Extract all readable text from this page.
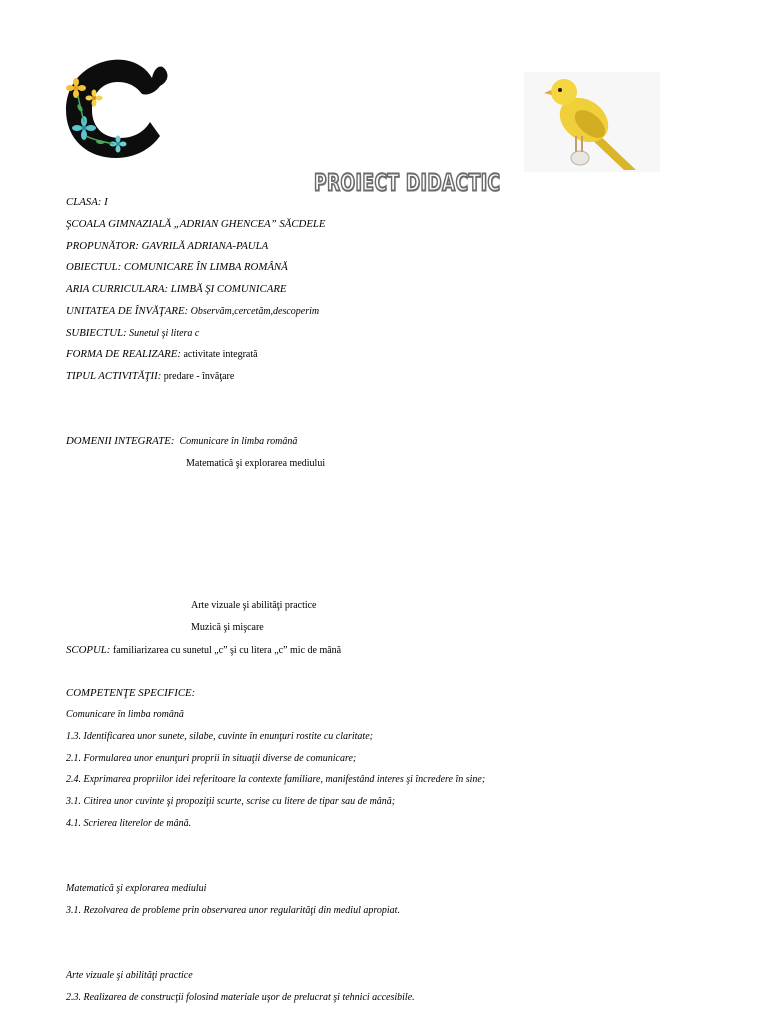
PROIECT DIDACTIC
CLASA: I
ŞCOALA GIMNAZIALĂ „ADRIAN GHENCEA” SĂCDELE
PROPUNĂTOR: GAVRILĂ ADRIANA-PAULA
OBIECTUL: COMUNICARE ÎN LIMBA ROMÂNĂ
ARIA CURRICULARA: LIMBĂ ŞI COMUNICARE
UNITATEA DE ÎNVĂŢARE: Observăm,cercetăm,descoperim
SUBIECTUL: Sunetul şi litera c
FORMA DE REALIZARE: activitate integrată
TIPUL ACTIVITĂŢII: predare - învăţare
DOMENII INTEGRATE:  Comunicare în limba română
Matematică şi explorarea mediului
Arte vizuale şi abilităţi practice
Muzică şi mişcare
SCOPUL: familiarizarea cu sunetul „c” şi cu litera „c” mic de mână
COMPETENŢE SPECIFICE:
Comunicare în limba română
1.3. Identificarea unor sunete, silabe, cuvinte în enunţuri rostite cu claritate;
2.1. Formularea unor enunţuri proprii în situaţii diverse de comunicare;
2.4. Exprimarea propriilor idei referitoare la contexte familiare, manifestând interes şi încredere în sine;
3.1. Citirea unor cuvinte şi propoziţii scurte, scrise cu litere de tipar sau de mână;
4.1. Scrierea literelor de mână.
Matematică şi explorarea mediului
3.1. Rezolvarea de probleme prin observarea unor regularităţi din mediul apropiat.
Arte vizuale şi abilităţi practice
2.3. Realizarea de construcţii folosind materiale uşor de prelucrat şi tehnici accesibile.
